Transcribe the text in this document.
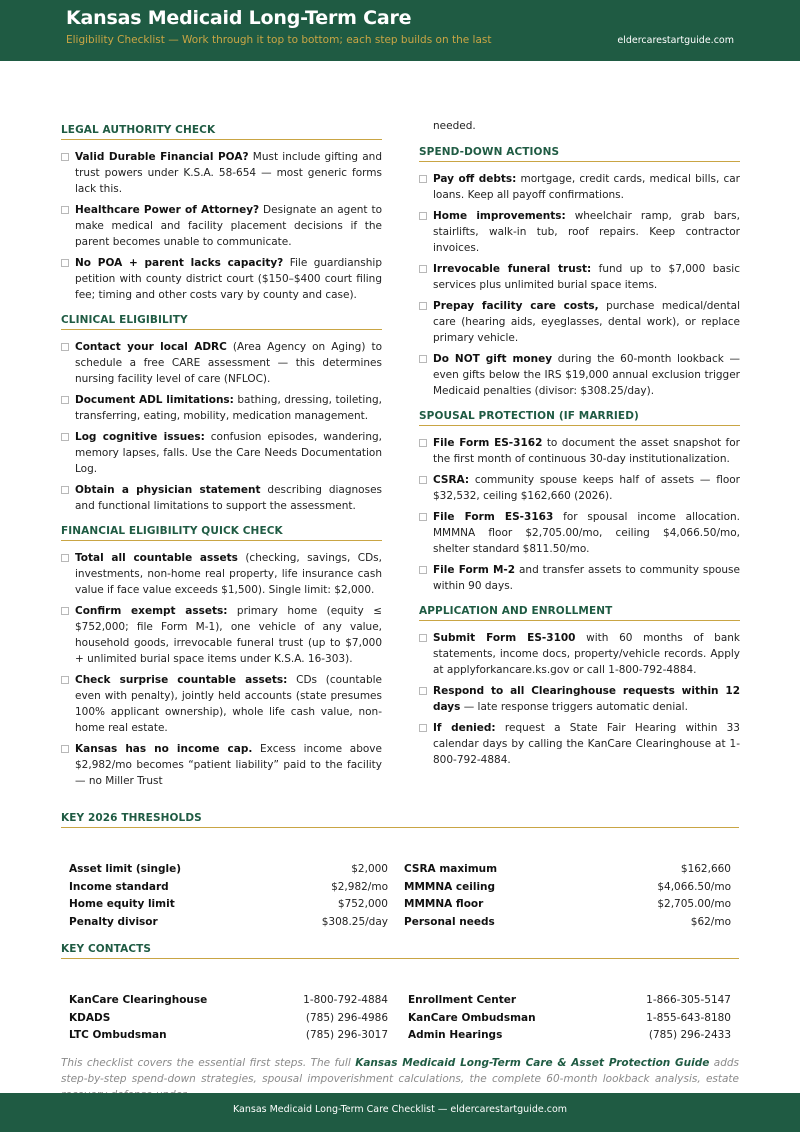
Kansas Medicaid Long-Term Care
Eligibility Checklist — Work through it top to bottom; each step builds on the last	eldercarestartguide.com
LEGAL AUTHORITY CHECK
Valid Durable Financial POA? Must include gifting and trust powers under K.S.A. 58-654 — most generic forms lack this.
Healthcare Power of Attorney? Designate an agent to make medical and facility placement decisions if the parent becomes unable to communicate.
No POA + parent lacks capacity? File guardianship petition with county district court ($150–$400 court filing fee; timing and other costs vary by county and case).
CLINICAL ELIGIBILITY
Contact your local ADRC (Area Agency on Aging) to schedule a free CARE assessment — this determines nursing facility level of care (NFLOC).
Document ADL limitations: bathing, dressing, toileting, transferring, eating, mobility, medication management.
Log cognitive issues: confusion episodes, wandering, memory lapses, falls. Use the Care Needs Documentation Log.
Obtain a physician statement describing diagnoses and functional limitations to support the assessment.
FINANCIAL ELIGIBILITY QUICK CHECK
Total all countable assets (checking, savings, CDs, investments, non-home real property, life insurance cash value if face value exceeds $1,500). Single limit: $2,000.
Confirm exempt assets: primary home (equity ≤ $752,000; file Form M-1), one vehicle of any value, household goods, irrevocable funeral trust (up to $7,000 + unlimited burial space items under K.S.A. 16-303).
Check surprise countable assets: CDs (countable even with penalty), jointly held accounts (state presumes 100% applicant ownership), whole life cash value, non-home real estate.
Kansas has no income cap. Excess income above $2,982/mo becomes “patient liability” paid to the facility — no Miller Trust
needed.
SPEND-DOWN ACTIONS
Pay off debts: mortgage, credit cards, medical bills, car loans. Keep all payoff confirmations.
Home improvements: wheelchair ramp, grab bars, stairlifts, walk-in tub, roof repairs. Keep contractor invoices.
Irrevocable funeral trust: fund up to $7,000 basic services plus unlimited burial space items.
Prepay facility care costs, purchase medical/dental care (hearing aids, eyeglasses, dental work), or replace primary vehicle.
Do NOT gift money during the 60-month lookback — even gifts below the IRS $19,000 annual exclusion trigger Medicaid penalties (divisor: $308.25/day).
SPOUSAL PROTECTION (IF MARRIED)
File Form ES-3162 to document the asset snapshot for the first month of continuous 30-day institutionalization.
CSRA: community spouse keeps half of assets — floor $32,532, ceiling $162,660 (2026).
File Form ES-3163 for spousal income allocation. MMMNA floor $2,705.00/mo, ceiling $4,066.50/mo, shelter standard $811.50/mo.
File Form M-2 and transfer assets to community spouse within 90 days.
APPLICATION AND ENROLLMENT
Submit Form ES-3100 with 60 months of bank statements, income docs, property/vehicle records. Apply at applyforkancare.ks.gov or call 1-800-792-4884.
Respond to all Clearinghouse requests within 12 days — late response triggers automatic denial.
If denied: request a State Fair Hearing within 33 calendar days by calling the KanCare Clearinghouse at 1-800-792-4884.
KEY 2026 THRESHOLDS
Asset limit (single)	$2,000 CSRA maximum	$162,660
Income standard	$2,982/mo MMMNA ceiling	$4,066.50/mo
Home equity limit	$752,000 MMMNA floor	$2,705.00/mo
Penalty divisor	$308.25/day Personal needs	$62/mo
KEY CONTACTS
KanCare Clearinghouse	1-800-792-4884 Enrollment Center	1-866-305-5147
KDADS	(785) 296-4986 KanCare Ombudsman	1-855-643-8180
LTC Ombudsman	(785) 296-3017 Admin Hearings	(785) 296-2433
This checklist covers the essential first steps. The full Kansas Medicaid Long-Term Care & Asset Protection Guide adds step-by-step spend-down strategies, spousal impoverishment calculations, the complete 60-month lookback analysis, estate
Kansas Medicaid Long-Term Care Checklist — eldercarestartguide.com
